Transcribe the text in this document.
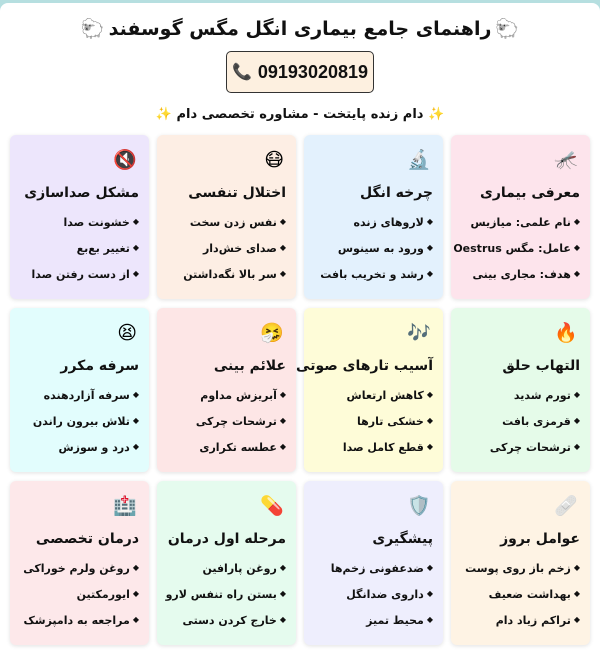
🐑راهنمای جامع بیماری انگل مگس گوسفند🐑
📞 09193020819
✨ دام زنده پایتخت - مشاوره تخصصی دام ✨
🦟
معرفی بیماری
◆نام علمی: میازیس
◆عامل: مگس Oestrus
◆هدف: مجاری بینی
🔬
چرخه انگل
◆لاروهای زنده
◆ورود به سینوس
◆رشد و تخریب بافت
😷
اختلال تنفسی
◆نفس زدن سخت
◆صدای خش‌دار
◆سر بالا نگه‌داشتن
🔇
مشکل صداسازی
◆خشونت صدا
◆تغییر بع‌بع
◆از دست رفتن صدا
🔥
التهاب حلق
◆تورم شدید
◆قرمزی بافت
◆ترشحات چرکی
🎶
آسیب تارهای صوتی
◆کاهش ارتعاش
◆خشکی تارها
◆قطع کامل صدا
🤧
علائم بینی
◆آبریزش مداوم
◆ترشحات چرکی
◆عطسه تکراری
😫
سرفه مکرر
◆سرفه آزاردهنده
◆تلاش بیرون راندن
◆درد و سوزش
🩹
عوامل بروز
◆زخم باز روی پوست
◆بهداشت ضعیف
◆تراکم زیاد دام
🛡️
پیشگیری
◆ضدعفونی زخم‌ها
◆داروی ضدانگل
◆محیط تمیز
💊
مرحله اول درمان
◆روغن پارافین
◆بستن راه تنفس لارو
◆خارج کردن دستی
🏥
درمان تخصصی
◆روغن ولرم خوراکی
◆ایورمکتین
◆مراجعه به دامپزشک
